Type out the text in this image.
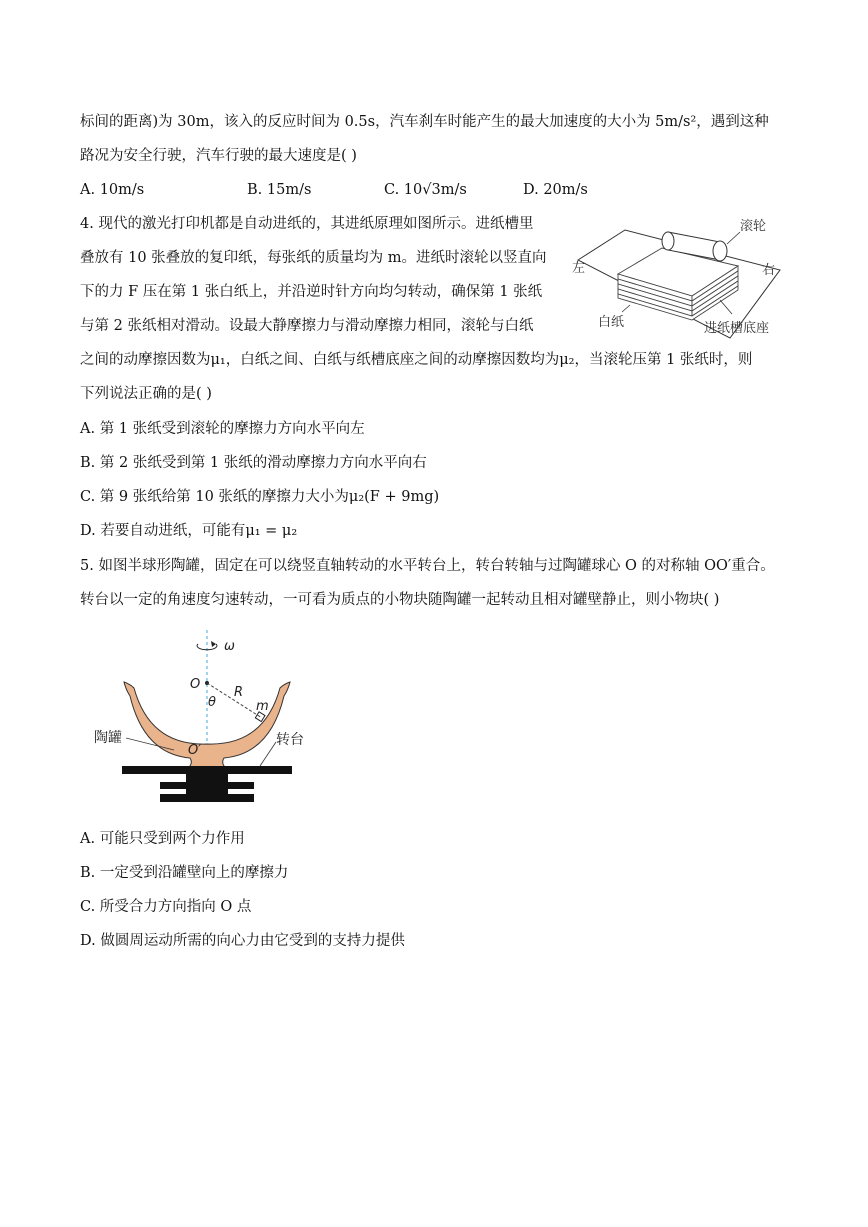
标间的距离)为 30m，该入的反应时间为 0.5s，汽车刹车时能产生的最大加速度的大小为 5m/s²，遇到这种
路况为安全行驶，汽车行驶的最大速度是( )
A. 10m/s	B. 15m/s	C. 10√3m/s	D. 20m/s
4. 现代的激光打印机都是自动进纸的，其进纸原理如图所示。进纸槽里
叠放有 10 张叠放的复印纸，每张纸的质量均为 m。进纸时滚轮以竖直向
下的力 F 压在第 1 张白纸上，并沿逆时针方向均匀转动，确保第 1 张纸
与第 2 张纸相对滑动。设最大静摩擦力与滑动摩擦力相同，滚轮与白纸
之间的动摩擦因数为μ₁，白纸之间、白纸与纸槽底座之间的动摩擦因数均为μ₂，当滚轮压第 1 张纸时，则
下列说法正确的是( )
A. 第 1 张纸受到滚轮的摩擦力方向水平向左
B. 第 2 张纸受到第 1 张纸的滑动摩擦力方向水平向右
C. 第 9 张纸给第 10 张纸的摩擦力大小为μ₂(F + 9mg)
D. 若要自动进纸，可能有μ₁ = μ₂
滚轮
左	右
白纸	进纸槽底座
5. 如图半球形陶罐，固定在可以绕竖直轴转动的水平转台上，转台转轴与过陶罐球心 O 的对称轴 OO′重合。
转台以一定的角速度匀速转动，一可看为质点的小物块随陶罐一起转动且相对罐壁静止，则小物块( )
ω
O
R
θ	m
O′
陶罐	转台
A. 可能只受到两个力作用
B. 一定受到沿罐壁向上的摩擦力
C. 所受合力方向指向 O 点
D. 做圆周运动所需的向心力由它受到的支持力提供
